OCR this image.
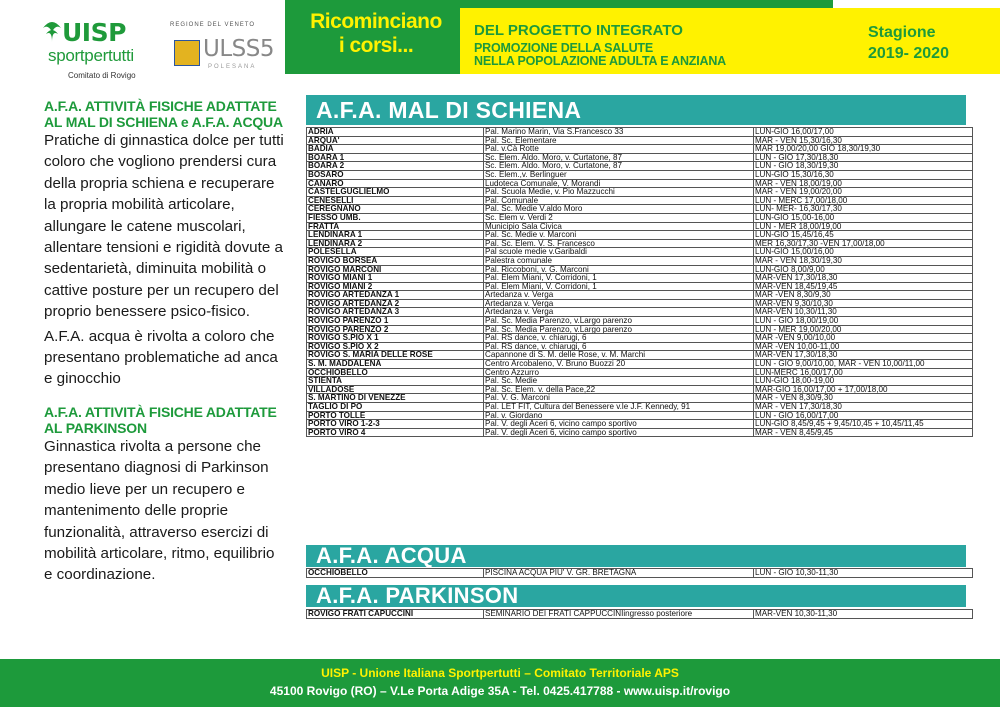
UISP
sportpertutti
Comitato di Rovigo
REGIONE DEL VENETO
ULSS5
POLESANA
Ricominciano
i corsi...
DEL PROGETTO INTEGRATO
PROMOZIONE DELLA SALUTE
NELLA POPOLAZIONE ADULTA E ANZIANA
Stagione
2019- 2020
A.F.A. ATTIVITÀ FISICHE ADATTATE AL MAL DI SCHIENA e A.F.A. ACQUA

Pratiche di ginnastica dolce per tutti coloro che vogliono prendersi cura della propria schiena e recuperare la propria mobilità articolare, allungare le catene muscolari, allentare tensioni e rigidità dovute a sedentarietà, diminuita mobilità o cattive posture per un recupero del proprio benessere psico-fisico.

A.F.A. acqua è rivolta a coloro che presentano problematiche ad anca e ginocchio

A.F.A. ATTIVITÀ FISICHE ADATTATE AL PARKINSON

Ginnastica rivolta a persone che presentano diagnosi di Parkinson medio lieve per un recupero e mantenimento delle proprie funzionalità, attraverso esercizi di mobilità articolare, ritmo, equilibrio e coordinazione.

A.F.A. MAL DI SCHIENA
ADRIA	Pal. Marino Marin, Via S.Francesco 33	LUN-GIO 16,00/17,00
ARQUA'	Pal. Sc. Elementare	MAR - VEN 15,30/16,30
BADIA	Pal. v.Cà Rotte	MAR 19,00/20,00 GIO 18,30/19,30
BOARA 1	Sc. Elem. Aldo. Moro, v. Curtatone, 87	LUN - GIO 17,30/18,30
BOARA 2	Sc. Elem. Aldo. Moro, v. Curtatone, 87	LUN - GIO 18,30/19,30
BOSARO	Sc. Elem.,v. Berlinguer	LUN-GIO 15,30/16,30
CANARO	Ludoteca Comunale, V. Morandi	MAR - VEN 18,00/19,00
CASTELGUGLIELMO	Pal. Scuola Medie, v. Pio Mazzucchi	MAR - VEN 19,00/20,00
CENESELLI	Pal. Comunale	LUN - MERC 17,00/18,00
CEREGNANO	Pal. Sc. Medie V.aldo Moro	LUN- MER- 16,30/17,30
FIESSO UMB.	Sc. Elem v. Verdi 2	LUN-GIO 15,00-16,00
FRATTA	Municipio Sala Civica	LUN - MER 18,00/19,00
LENDINARA 1	Pal. Sc. Medie v. Marconi	LUN-GIO 15,45/16,45
LENDINARA 2	Pal. Sc. Elem. V. S. Francesco	MER 16,30/17,30 -VEN 17,00/18,00
POLESELLA	Pal scuole medie v.Garibaldi	LUN-GIO 15,00/16,00
ROVIGO BORSEA	Palestra comunale	MAR - VEN 18,30/19,30
ROVIGO MARCONI	Pal. Riccoboni, v. G. Marconi	LUN-GIO 8,00/9,00
ROVIGO MIANI 1	Pal. Elem Miani, V. Corridoni, 1	MAR-VEN 17,30/18,30
ROVIGO MIANI 2	Pal. Elem Miani, V. Corridoni, 1	MAR-VEN 18,45/19,45
ROVIGO ARTEDANZA 1	Artedanza v. Verga	MAR -VEN 8,30/9,30
ROVIGO ARTEDANZA 2	Artedanza v. Verga	MAR-VEN 9,30/10,30
ROVIGO ARTEDANZA 3	Artedanza v. Verga	MAR-VEN 10,30/11,30
ROVIGO PARENZO 1	Pal. Sc. Media Parenzo, v.Largo parenzo	LUN - GIO 18,00/19,00
ROVIGO PARENZO 2	Pal. Sc. Media Parenzo, v.Largo parenzo	LUN - MER 19,00/20,00
ROVIGO S.PIO X 1	Pal. RS dance, v. chiarugi, 6	MAR -VEN 9,00/10,00
ROVIGO S.PIO X 2	Pal. RS dance, v. chiarugi, 6	MAR -VEN 10,00-11,00
ROVIGO S. MARIA DELLE ROSE	Capannone di S. M. delle Rose, v. M. Marchi	MAR-VEN 17,30/18,30
S. M. MADDALENA	Centro Arcobaleno, V. Bruno Buozzi 20	LUN - GIO 9,00/10,00, MAR - VEN 10,00/11,00
OCCHIOBELLO	Centro Azzurro	LUN-MERC 16,00/17,00
STIENTA	Pal. Sc. Medie	LUN-GIO 18,00-19,00
VILLADOSE	Pal. Sc. Elem. v. della Pace,22	MAR-GIO 16,00/17,00 + 17,00/18,00
S. MARTINO DI VENEZZE	Pal. V. G. Marconi	MAR - VEN 8,30/9,30
TAGLIO DI PO	Pal. LET FIT, Cultura del Benessere v.le J.F. Kennedy, 91	MAR - VEN 17,30/18,30
PORTO TOLLE	Pal. v. Giordano	LUN - GIO 16,00/17,00
PORTO VIRO 1-2-3	Pal. V. degli Aceri 6, vicino campo sportivo	LUN-GIO 8,45/9,45 + 9,45/10,45 + 10,45/11,45
PORTO VIRO 4	Pal. V. degli Aceri 6, vicino campo sportivo	MAR - VEN 8,45/9,45
A.F.A. ACQUA
OCCHIOBELLO	PISCINA ACQUA PIU' V. GR. BRETAGNA	LUN - GIO 10,30-11,30
A.F.A. PARKINSON
ROVIGO FRATI CAPUCCINI	SEMINARIO DEI FRATI CAPPUCCINIingresso posteriore	MAR-VEN 10,30-11,30
UISP - Unione Italiana Sportpertutti – Comitato Territoriale APS
45100 Rovigo (RO) – V.Le Porta Adige 35A - Tel. 0425.417788 - www.uisp.it/rovigo
